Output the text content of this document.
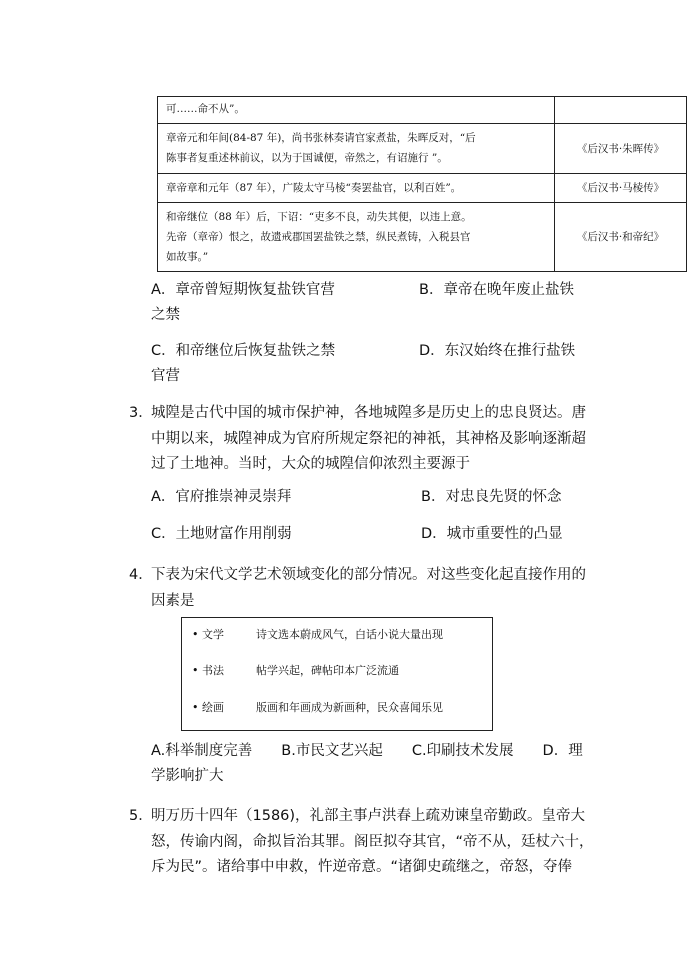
可……命不从”。
章帝元和年间(84-87 年)，尚书张林奏请官家煮盐，朱晖反对，“后
陈事者复重述林前议，以为于国诚便，帝然之，有诏施行 ”。
《后汉书·朱晖传》
章帝章和元年（87 年），广陵太守马棱“奏罢盐官，以利百姓”。	《后汉书·马棱传》
和帝继位（88 年）后，下诏：“吏多不良，动失其便，以违上意。
先帝（章帝）恨之，故遗戒郡国罢盐铁之禁，纵民煮铸，入税县官
如故事。”
《后汉书·和帝纪》
A．章帝曾短期恢复盐铁官营	B．章帝在晚年废止盐铁
之禁
C．和帝继位后恢复盐铁之禁	D．东汉始终在推行盐铁
官营
3．
城隍是古代中国的城市保护神，各地城隍多是历史上的忠良贤达。唐
中期以来，城隍神成为官府所规定祭祀的神祇，其神格及影响逐渐超
过了土地神。当时，大众的城隍信仰浓烈主要源于
A．官府推崇神灵崇拜	B．对忠良先贤的怀念
C．土地财富作用削弱	D．城市重要性的凸显
4．
下表为宋代文学艺术领域变化的部分情况。对这些变化起直接作用的
因素是
• 文学	诗文选本蔚成风气，白话小说大量出现
• 书法	帖学兴起，碑帖印本广泛流通
• 绘画	版画和年画成为新画种，民众喜闻乐见
A.科举制度完善　　B.市民文艺兴起　　C.印刷技术发展　　D．理
学影响扩大
5．
明万历十四年（1586)，礼部主事卢洪春上疏劝谏皇帝勤政。皇帝大
怒，传谕内阁，命拟旨治其罪。阁臣拟夺其官，“帝不从，廷杖六十，
斥为民”。诸给事中申救，忤逆帝意。“诸御史疏继之，帝怒，夺俸
